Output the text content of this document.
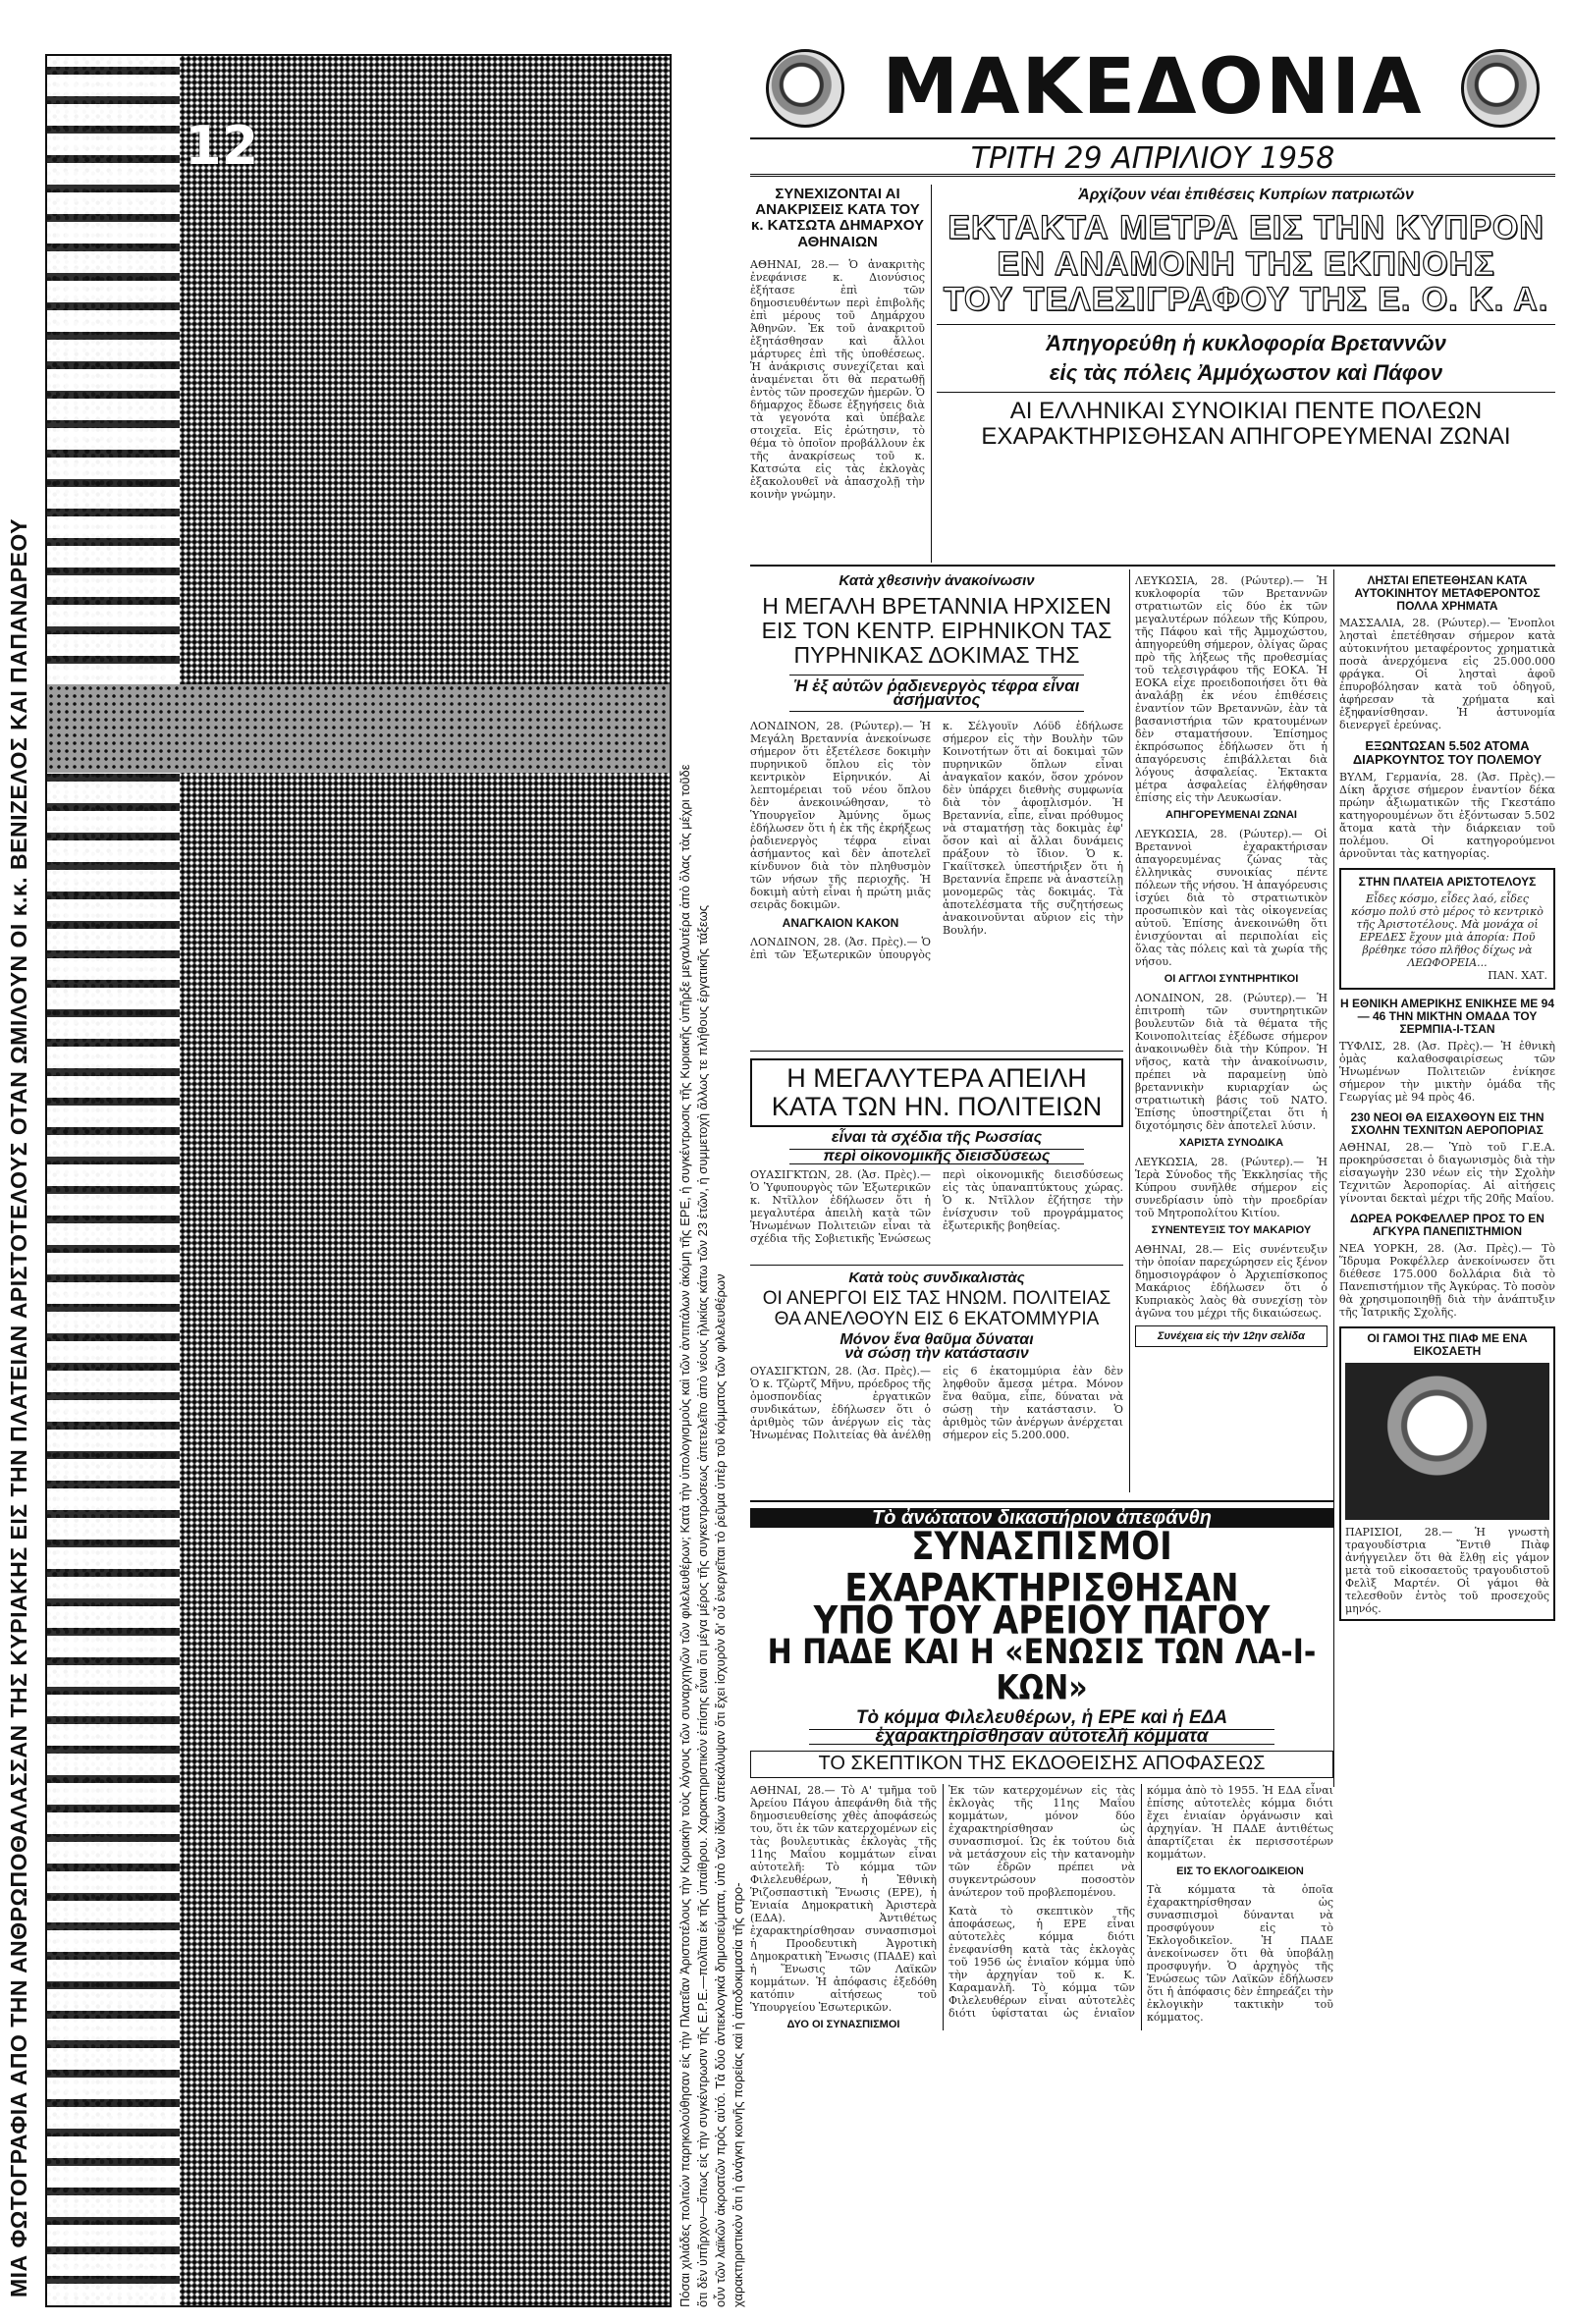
12
ΜΙΑ ΦΩΤΟΓΡΑΦΙΑ ΑΠΟ ΤΗΝ ΑΝΘΡΩΠΟΘΑΛΑΣΣΑΝ ΤΗΣ ΚΥΡΙΑΚΗΣ ΕΙΣ ΤΗΝ ΠΛΑΤΕΙΑΝ ΑΡΙΣΤΟΤΕΛΟΥΣ ΟΤΑΝ ΩΜΙΛΟΥΝ ΟΙ κ.κ. ΒΕΝΙΖΕΛΟΣ ΚΑΙ ΠΑΠΑΝΔΡΕΟΥ	Πόσαι χιλιάδες πολιτών παρηκολούθησαν εἰς τὴν Πλατεῖαν Ἀριστοτέλους τὴν Κυριακὴν τοὺς λόγους τῶν συναρχηγῶν τῶν φιλελευθέρων; Κατὰ τὴν ὑπολογισμοὺς καὶ τῶν ἀντιπάλων ἀκόμη τῆς ΕΡΕ, ἡ συγκέντρωσις τῆς Κυριακῆς ὑπῆρξε μεγαλυτέρα ἀπὸ ὅλας τὰς μέχρι τοῦδε ὅτι δὲν ὑπῆρχον—ὅπως εἰς τὴν συγκέντρωσιν τῆς Ε.Ρ.Ε.—πολῖται ἐκ τῆς ὑπαίθρου. Χαρακτηριστικὸν ἐπίσης εἶναι ὅτι μέγα μέρος τῆς συγκεντρώσεως ἀπετελεῖτο ἀπὸ νέους ἡλικίας κάτω τῶν 23 ἐτῶν, ἡ συμμετοχὴ ἄλλως τε πλήθους ἐργατικῆς τάξεως οὖν τῶν λαϊκῶν ἀκροατῶν πρὸς αὐτό. Τὰ δύο ἀντιεκλογικὰ δημοσιεύματα, ὑπὸ τῶν ἰδίων ἀπεκάλυψαν ὅτι ἔχει ἰσχυρὸν δι' οὗ ἐνεργεῖται τὸ ῥεῦμα ὑπὲρ τοῦ κόμματος τῶν φιλελευθέρων χαρακτηριστικὸν ὅτι ἡ ἀνάγκη κοινῆς πορείας καὶ ἡ ἀποδοκιμασία τῆς στρο-
ΜΑΚΕΔΟΝΙΑ
ΤΡΙΤΗ 29 ΑΠΡΙΛΙΟΥ 1958
ΣΥΝΕΧΙΖΟΝΤΑΙ ΑΙ ΑΝΑΚΡΙΣΕΙΣ ΚΑΤΑ ΤΟΥ κ. ΚΑΤΣΩΤΑ ΔΗΜΑΡΧΟΥ ΑΘΗΝΑΙΩΝ
ΑΘΗΝΑΙ, 28.— Ὁ ἀνακριτὴς ἐνεφάνισε κ. Διονύσιος ἐξήτασε ἐπὶ τῶν δημοσιευθέντων περὶ ἐπιβολῆς ἐπὶ μέρους τοῦ Δημάρχου Ἀθηνῶν. Ἐκ τοῦ ἀνακριτοῦ ἐξητάσθησαν καὶ ἄλλοι μάρτυρες ἐπὶ τῆς ὑποθέσεως. Ἡ ἀνάκρισις συνεχίζεται καὶ ἀναμένεται ὅτι θὰ περατωθῇ ἐντὸς τῶν προσεχῶν ἡμερῶν. Ὁ δήμαρχος ἔδωσε ἐξηγήσεις διὰ τὰ γεγονότα καὶ ὑπέβαλε στοιχεῖα. Εἰς ἐρώτησιν, τὸ θέμα τὸ ὁποῖον προβάλλουν ἐκ τῆς ἀνακρίσεως τοῦ κ. Κατσώτα εἰς τὰς ἐκλογὰς ἐξακολουθεῖ νὰ ἀπασχολῇ τὴν κοινὴν γνώμην.
Ἀρχίζουν νέαι ἐπιθέσεις Κυπρίων πατριωτῶν
ΕΚΤΑΚΤΑ ΜΕΤΡΑ ΕΙΣ ΤΗΝ ΚΥΠΡΟΝ
ΕΝ ΑΝΑΜΟΝΗ ΤΗΣ ΕΚΠΝΟΗΣ
ΤΟΥ ΤΕΛΕΣΙΓΡΑΦΟΥ ΤΗΣ Ε. Ο. Κ. Α.
Ἀπηγορεύθη ἡ κυκλοφορία Βρεταννῶν
εἰς τὰς πόλεις Ἀμμόχωστον καὶ Πάφον
ΑΙ ΕΛΛΗΝΙΚΑΙ ΣΥΝΟΙΚΙΑΙ ΠΕΝΤΕ ΠΟΛΕΩΝ ΕΧΑΡΑΚΤΗΡΙΣΘΗΣΑΝ ΑΠΗΓΟΡΕΥΜΕΝΑΙ ΖΩΝΑΙ
Κατὰ χθεσινὴν ἀνακοίνωσιν
Η ΜΕΓΑΛΗ ΒΡΕΤΑΝΝΙΑ ΗΡΧΙΣΕΝ ΕΙΣ ΤΟΝ ΚΕΝΤΡ. ΕΙΡΗΝΙΚΟΝ ΤΑΣ ΠΥΡΗΝΙΚΑΣ ΔΟΚΙΜΑΣ ΤΗΣ
Ἡ ἐξ αὐτῶν ῥαδιενεργὸς τέφρα εἶναι ἀσήμαντος
ΛΟΝΔΙΝΟΝ, 28. (Ρώυτερ).— Ἡ Μεγάλη Βρεταννία ἀνεκοίνωσε σήμερον ὅτι ἐξετέλεσε δοκιμὴν πυρηνικοῦ ὅπλου εἰς τὸν κεντρικὸν Εἰρηνικόν. Αἱ λεπτομέρειαι τοῦ νέου ὅπλου δὲν ἀνεκοινώθησαν, τὸ Ὑπουργεῖον Ἀμύνης ὅμως ἐδήλωσεν ὅτι ἡ ἐκ τῆς ἐκρήξεως ῥαδιενεργὸς τέφρα εἶναι ἀσήμαντος καὶ δὲν ἀποτελεῖ κίνδυνον διὰ τὸν πληθυσμὸν τῶν νήσων τῆς περιοχῆς. Ἡ δοκιμὴ αὐτὴ εἶναι ἡ πρώτη μιᾶς σειρᾶς δοκιμῶν.
ΑΝΑΓΚΑΙΟΝ ΚΑΚΟΝ
ΛΟΝΔΙΝΟΝ, 28. (Ἀσ. Πρὲς).— Ὁ ἐπὶ τῶν Ἐξωτερικῶν ὑπουργὸς κ. Σέλγουϊν Λόϋδ ἐδήλωσε σήμερον εἰς τὴν Βουλὴν τῶν Κοινοτήτων ὅτι αἱ δοκιμαὶ τῶν πυρηνικῶν ὅπλων εἶναι ἀναγκαῖον κακόν, ὅσον χρόνον δὲν ὑπάρχει διεθνὴς συμφωνία διὰ τὸν ἀφοπλισμόν. Ἡ Βρεταννία, εἶπε, εἶναι πρόθυμος νὰ σταματήσῃ τὰς δοκιμὰς ἐφ' ὅσον καὶ αἱ ἄλλαι δυνάμεις πράξουν τὸ ἴδιον. Ὁ κ. Γκαίϊτσκελ ὑπεστήριξεν ὅτι ἡ Βρεταννία ἔπρεπε νὰ ἀναστείλῃ μονομερῶς τὰς δοκιμάς. Τὰ ἀποτελέσματα τῆς συζητήσεως ἀνακοινοῦνται αὔριον εἰς τὴν Βουλήν.
Η ΜΕΓΑΛΥΤΕΡΑ ΑΠΕΙΛΗ ΚΑΤΑ ΤΩΝ ΗΝ. ΠΟΛΙΤΕΙΩΝ
εἶναι τὰ σχέδια τῆς Ρωσσίας
περὶ οἰκονομικῆς διεισδύσεως
ΟΥΑΣΙΓΚΤΩΝ, 28. (Ἀσ. Πρὲς).— Ὁ Ὑφυπουργὸς τῶν Ἐξωτερικῶν κ. Ντῖλλον ἐδήλωσεν ὅτι ἡ μεγαλυτέρα ἀπειλὴ κατὰ τῶν Ἡνωμένων Πολιτειῶν εἶναι τὰ σχέδια τῆς Σοβιετικῆς Ἑνώσεως περὶ οἰκονομικῆς διεισδύσεως εἰς τὰς ὑπαναπτύκτους χώρας. Ὁ κ. Ντῖλλον ἐζήτησε τὴν ἐνίσχυσιν τοῦ προγράμματος ἐξωτερικῆς βοηθείας.
Κατὰ τοὺς συνδικαλιστὰς
ΟΙ ΑΝΕΡΓΟΙ ΕΙΣ ΤΑΣ ΗΝΩΜ. ΠΟΛΙΤΕΙΑΣ ΘΑ ΑΝΕΛΘΟΥΝ ΕΙΣ 6 ΕΚΑΤΟΜΜΥΡΙΑ
Μόνον ἕνα θαῦμα δύναται
νὰ σώσῃ τὴν κατάστασιν
ΟΥΑΣΙΓΚΤΩΝ, 28. (Ἀσ. Πρὲς).— Ὁ κ. Τζὼρτζ Μῆνυ, πρόεδρος τῆς ὁμοσπονδίας ἐργατικῶν συνδικάτων, ἐδήλωσεν ὅτι ὁ ἀριθμὸς τῶν ἀνέργων εἰς τὰς Ἡνωμένας Πολιτείας θὰ ἀνέλθῃ εἰς 6 ἑκατομμύρια ἐὰν δὲν ληφθοῦν ἄμεσα μέτρα. Μόνον ἕνα θαῦμα, εἶπε, δύναται νὰ σώσῃ τὴν κατάστασιν. Ὁ ἀριθμὸς τῶν ἀνέργων ἀνέρχεται σήμερον εἰς 5.200.000.
ΛΕΥΚΩΣΙΑ, 28. (Ρώυτερ).— Ἡ κυκλοφορία τῶν Βρεταννῶν στρατιωτῶν εἰς δύο ἐκ τῶν μεγαλυτέρων πόλεων τῆς Κύπρου, τῆς Πάφου καὶ τῆς Ἀμμοχώστου, ἀπηγορεύθη σήμερον, ὀλίγας ὥρας πρὸ τῆς λήξεως τῆς προθεσμίας τοῦ τελεσιγράφου τῆς ΕΟΚΑ. Ἡ ΕΟΚΑ εἶχε προειδοποιήσει ὅτι θὰ ἀναλάβῃ ἐκ νέου ἐπιθέσεις ἐναντίον τῶν Βρεταννῶν, ἐὰν τὰ βασανιστήρια τῶν κρατουμένων δὲν σταματήσουν. Ἐπίσημος ἐκπρόσωπος ἐδήλωσεν ὅτι ἡ ἀπαγόρευσις ἐπιβάλλεται διὰ λόγους ἀσφαλείας. Ἐκτακτα μέτρα ἀσφαλείας ἐλήφθησαν ἐπίσης εἰς τὴν Λευκωσίαν.
ΑΠΗΓΟΡΕΥΜΕΝΑΙ ΖΩΝΑΙ
ΛΕΥΚΩΣΙΑ, 28. (Ρώυτερ).— Οἱ Βρεταννοὶ ἐχαρακτήρισαν ἀπαγορευμένας ζώνας τὰς ἑλληνικὰς συνοικίας πέντε πόλεων τῆς νήσου. Ἡ ἀπαγόρευσις ἰσχύει διὰ τὸ στρατιωτικὸν προσωπικὸν καὶ τὰς οἰκογενείας αὐτοῦ. Ἐπίσης ἀνεκοινώθη ὅτι ἐνισχύονται αἱ περιπολίαι εἰς ὅλας τὰς πόλεις καὶ τὰ χωρία τῆς νήσου.
ΟΙ ΑΓΓΛΟΙ ΣΥΝΤΗΡΗΤΙΚΟΙ
ΛΟΝΔΙΝΟΝ, 28. (Ρώυτερ).— Ἡ ἐπιτροπὴ τῶν συντηρητικῶν βουλευτῶν διὰ τὰ θέματα τῆς Κοινοπολιτείας ἐξέδωσε σήμερον ἀνακοινωθὲν διὰ τὴν Κύπρον. Ἡ νῆσος, κατὰ τὴν ἀνακοίνωσιν, πρέπει νὰ παραμείνῃ ὑπὸ βρεταννικὴν κυριαρχίαν ὡς στρατιωτικὴ βάσις τοῦ ΝΑΤΟ. Ἐπίσης ὑποστηρίζεται ὅτι ἡ διχοτόμησις δὲν ἀποτελεῖ λύσιν.
ΧΑΡΙΣΤΑ ΣΥΝΟΔΙΚΑ
ΛΕΥΚΩΣΙΑ, 28. (Ρώυτερ).— Ἡ Ἱερὰ Σύνοδος τῆς Ἐκκλησίας τῆς Κύπρου συνῆλθε σήμερον εἰς συνεδρίασιν ὑπὸ τὴν προεδρίαν τοῦ Μητροπολίτου Κιτίου.
ΣΥΝΕΝΤΕΥΞΙΣ ΤΟΥ ΜΑΚΑΡΙΟΥ
ΑΘΗΝΑΙ, 28.— Εἰς συνέντευξιν τὴν ὁποίαν παρεχώρησεν εἰς ξένον δημοσιογράφον ὁ Ἀρχιεπίσκοπος Μακάριος ἐδήλωσεν ὅτι ὁ Κυπριακὸς λαὸς θὰ συνεχίσῃ τὸν ἀγῶνα του μέχρι τῆς δικαιώσεως.
Συνέχεια εἰς τὴν 12ην σελίδα
ΛΗΣΤΑΙ ΕΠΕΤΕΘΗΣΑΝ ΚΑΤΑ ΑΥΤΟΚΙΝΗΤΟΥ ΜΕΤΑΦΕΡΟΝΤΟΣ ΠΟΛΛΑ ΧΡΗΜΑΤΑ
ΜΑΣΣΑΛΙΑ, 28. (Ρώυτερ).— Ἐνοπλοι λησταὶ ἐπετέθησαν σήμερον κατὰ αὐτοκινήτου μεταφέροντος χρηματικὰ ποσὰ ἀνερχόμενα εἰς 25.000.000 φράγκα. Οἱ λησταὶ ἀφοῦ ἐπυροβόλησαν κατὰ τοῦ ὁδηγοῦ, ἀφήρεσαν τὰ χρήματα καὶ ἐξηφανίσθησαν. Ἡ ἀστυνομία διενεργεῖ ἐρεύνας.
ΕΞΩΝΤΩΣΑΝ 5.502 ΑΤΟΜΑ ΔΙΑΡΚΟΥΝΤΟΣ ΤΟΥ ΠΟΛΕΜΟΥ
ΒΥΛΜ, Γερμανία, 28. (Ἀσ. Πρὲς).— Δίκη ἄρχισε σήμερον ἐναντίον δέκα πρώην ἀξιωματικῶν τῆς Γκεστάπο κατηγορουμένων ὅτι ἐξόντωσαν 5.502 ἄτομα κατὰ τὴν διάρκειαν τοῦ πολέμου. Οἱ κατηγορούμενοι ἀρνοῦνται τὰς κατηγορίας.
ΣΤΗΝ ΠΛΑΤΕΙΑ ΑΡΙΣΤΟΤΕΛΟΥΣ
Εἶδες κόσμο, εἶδες λαό, εἶδες κόσμο πολύ στὸ μέρος τὸ κεντρικὸ τῆς Ἀριστοτέλους. Μὰ μονάχα οἱ ΕΡΕΔΕΣ ἔχουν μιὰ ἀπορία: Ποῦ βρέθηκε τόσο πλῆθος δίχως νὰ ΛΕΩΦΟΡΕΙΑ...
ΠΑΝ. ΧΑΤ.
Η ΕΘΝΙΚΗ ΑΜΕΡΙΚΗΣ ΕΝΙΚΗΣΕ ΜΕ 94 — 46 ΤΗΝ ΜΙΚΤΗΝ ΟΜΑΔΑ ΤΟΥ ΣΕΡΜΠΙΑ-Ι-ΤΣΑΝ
ΤΥΦΛΙΣ, 28. (Ἀσ. Πρὲς).— Ἡ ἐθνικὴ ὁμὰς καλαθοσφαιρίσεως τῶν Ἡνωμένων Πολιτειῶν ἐνίκησε σήμερον τὴν μικτὴν ὁμάδα τῆς Γεωργίας μὲ 94 πρὸς 46.
230 ΝΕΟΙ ΘΑ ΕΙΣΑΧΘΟΥΝ ΕΙΣ ΤΗΝ ΣΧΟΛΗΝ ΤΕΧΝΙΤΩΝ ΑΕΡΟΠΟΡΙΑΣ
ΑΘΗΝΑΙ, 28.— Ὑπὸ τοῦ Γ.Ε.Α. προκηρύσσεται ὁ διαγωνισμὸς διὰ τὴν εἰσαγωγὴν 230 νέων εἰς τὴν Σχολὴν Τεχνιτῶν Ἀεροπορίας. Αἱ αἰτήσεις γίνονται δεκταὶ μέχρι τῆς 20ῆς Μαΐου.
ΔΩΡΕΑ ΡΟΚΦΕΛΛΕΡ ΠΡΟΣ ΤΟ ΕΝ ΑΓΚΥΡΑ ΠΑΝΕΠΙΣΤΗΜΙΟΝ
ΝΕΑ ΥΟΡΚΗ, 28. (Ἀσ. Πρὲς).— Τὸ Ἵδρυμα Ροκφέλλερ ἀνεκοίνωσεν ὅτι διέθεσε 175.000 δολλάρια διὰ τὸ Πανεπιστήμιον τῆς Ἀγκύρας. Τὸ ποσὸν θὰ χρησιμοποιηθῇ διὰ τὴν ἀνάπτυξιν τῆς Ἰατρικῆς Σχολῆς.
ΟΙ ΓΑΜΟΙ ΤΗΣ ΠΙΑΦ ΜΕ ΕΝΑ ΕΙΚΟΣΑΕΤΗ
ΠΑΡΙΣΙΟΙ, 28.— Ἡ γνωστὴ τραγουδίστρια Ἔντιθ Πιὰφ ἀνήγγειλεν ὅτι θὰ ἔλθῃ εἰς γάμον μετὰ τοῦ εἰκοσαετοῦς τραγουδιστοῦ Φελὶξ Μαρτέν. Οἱ γάμοι θὰ τελεσθοῦν ἐντὸς τοῦ προσεχοῦς μηνός.
Τὸ ἀνώτατον δικαστήριον ἀπεφάνθη
ΣΥΝΑΣΠΙΣΜΟΙ ΕΧΑΡΑΚΤΗΡΙΣΘΗΣΑΝ
ΥΠΟ ΤΟΥ ΑΡΕΙΟΥ ΠΑΓΟΥ
Η ΠΑΔΕ ΚΑΙ Η «ΕΝΩΣΙΣ ΤΩΝ ΛΑ-Ι-ΚΩΝ»
Τὸ κόμμα Φιλελευθέρων, ἡ ΕΡΕ καὶ ἡ ΕΔΑ
ἐχαρακτηρίσθησαν αὐτοτελῆ κόμματα
ΤΟ ΣΚΕΠΤΙΚΟΝ ΤΗΣ ΕΚΔΟΘΕΙΣΗΣ ΑΠΟΦΑΣΕΩΣ
ΑΘΗΝΑΙ, 28.— Τὸ Α' τμῆμα τοῦ Ἀρείου Πάγου ἀπεφάνθη διὰ τῆς δημοσιευθείσης χθὲς ἀποφάσεώς του, ὅτι ἐκ τῶν κατερχομένων εἰς τὰς βουλευτικὰς ἐκλογὰς τῆς 11ης Μαΐου κομμάτων εἶναι αὐτοτελῆ: Τὸ κόμμα τῶν Φιλελευθέρων, ἡ Ἐθνικὴ Ῥιζοσπαστικὴ Ἕνωσις (ΕΡΕ), ἡ Ἑνιαία Δημοκρατικὴ Ἀριστερὰ (ΕΔΑ). Ἀντιθέτως ἐχαρακτηρίσθησαν συνασπισμοὶ ἡ Προοδευτικὴ Ἀγροτικὴ Δημοκρατικὴ Ἕνωσις (ΠΑΔΕ) καὶ ἡ Ἕνωσις τῶν Λαϊκῶν κομμάτων. Ἡ ἀπόφασις ἐξεδόθη κατόπιν αἰτήσεως τοῦ Ὑπουργείου Ἐσωτερικῶν.
ΔΥΟ ΟΙ ΣΥΝΑΣΠΙΣΜΟΙ
Ἐκ τῶν κατερχομένων εἰς τὰς ἐκλογὰς τῆς 11ης Μαΐου κομμάτων, μόνον δύο ἐχαρακτηρίσθησαν ὡς συνασπισμοί. Ὡς ἐκ τούτου διὰ νὰ μετάσχουν εἰς τὴν κατανομὴν τῶν ἑδρῶν πρέπει νὰ συγκεντρώσουν ποσοστὸν ἀνώτερον τοῦ προβλεπομένου.
Κατὰ τὸ σκεπτικὸν τῆς ἀποφάσεως, ἡ ΕΡΕ εἶναι αὐτοτελὲς κόμμα διότι ἐνεφανίσθη κατὰ τὰς ἐκλογὰς τοῦ 1956 ὡς ἑνιαῖον κόμμα ὑπὸ τὴν ἀρχηγίαν τοῦ κ. Κ. Καραμανλῆ. Τὸ κόμμα τῶν Φιλελευθέρων εἶναι αὐτοτελὲς διότι ὑφίσταται ὡς ἑνιαῖον κόμμα ἀπὸ τὸ 1955. Ἡ ΕΔΑ εἶναι ἐπίσης αὐτοτελὲς κόμμα διότι ἔχει ἐνιαίαν ὀργάνωσιν καὶ ἀρχηγίαν. Ἡ ΠΑΔΕ ἀντιθέτως ἀπαρτίζεται ἐκ περισσοτέρων κομμάτων.
ΕΙΣ ΤΟ ΕΚΛΟΓΟΔΙΚΕΙΟΝ
Τὰ κόμματα τὰ ὁποῖα ἐχαρακτηρίσθησαν ὡς συνασπισμοὶ δύνανται νὰ προσφύγουν εἰς τὸ Ἐκλογοδικεῖον. Ἡ ΠΑΔΕ ἀνεκοίνωσεν ὅτι θὰ ὑποβάλῃ προσφυγήν. Ὁ ἀρχηγὸς τῆς Ἑνώσεως τῶν Λαϊκῶν ἐδήλωσεν ὅτι ἡ ἀπόφασις δὲν ἐπηρεάζει τὴν ἐκλογικὴν τακτικὴν τοῦ κόμματος.
